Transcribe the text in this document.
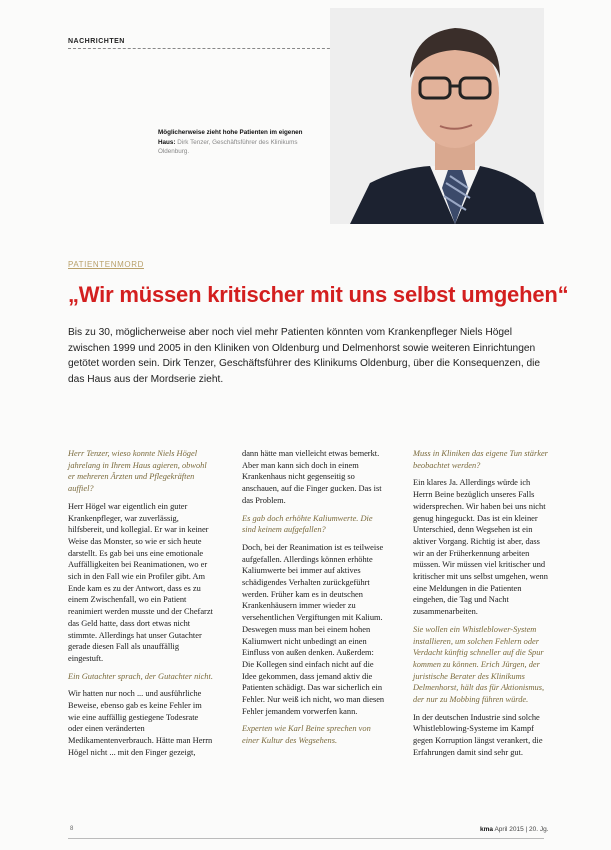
NACHRICHTEN
Möglicherweise zieht hohe Patienten im eigenen Haus: Dirk Tenzer, Geschäftsführer des Klinikums Oldenburg.
PATIENTENMORD
„Wir müssen kritischer mit uns selbst umgehen“
Bis zu 30, möglicherweise aber noch viel mehr Patienten könnten vom Krankenpfleger Niels Högel zwischen 1999 und 2005 in den Kliniken von Oldenburg und Delmenhorst sowie weiteren Einrichtungen getötet worden sein. Dirk Tenzer, Geschäftsführer des Klinikums Oldenburg, über die Konsequenzen, die das Haus aus der Mordserie zieht.

Herr Tenzer, wieso konnte Niels Högel jahrelang in Ihrem Haus agieren, obwohl er mehreren Ärzten und Pflegekräften auffiel?

Herr Högel war eigentlich ein guter Krankenpfleger, war zuverlässig, hilfsbereit, und kollegial. Er war in keiner Weise das Monster, so wie er sich heute darstellt. Es gab bei uns eine emotionale Auffälligkeiten bei Reanimationen, wo er sich in den Fall wie ein Profiler gibt. Am Ende kam es zu der Antwort, dass es zu einem Zwischenfall, wo ein Patient reanimiert werden musste und der Chefarzt das Geld hatte, dass dort etwas nicht stimmte. Allerdings hat unser Gutachter gerade diesen Fall als unauffällig eingestuft.

Ein Gutachter sprach, der Gutachter nicht.

Wir hatten nur noch ... und ausführliche Beweise, ebenso gab es keine Fehler im wie eine auffällig gestiegene Todesrate oder einen veränderten Medikamentenverbrauch. Hätte man Herrn Högel nicht ... mit den Finger gezeigt,

dann hätte man vielleicht etwas bemerkt. Aber man kann sich doch in einem Krankenhaus nicht gegenseitig so anschauen, auf die Finger gucken. Das ist das Problem.

Es gab doch erhöhte Kaliumwerte. Die sind keinem aufgefallen?

Doch, bei der Reanimation ist es teilweise aufgefallen. Allerdings können erhöhte Kaliumwerte bei immer auf aktives schädigendes Verhalten zurückgeführt werden. Früher kam es in deutschen Krankenhäusern immer wieder zu versehentlichen Vergiftungen mit Kalium. Deswegen muss man bei einem hohen Kaliumwert nicht unbedingt an einen Einfluss von außen denken. Außerdem: Die Kollegen sind einfach nicht auf die Idee gekommen, dass jemand aktiv die Patienten schädigt. Das war sicherlich ein Fehler. Nur weiß ich nicht, wo man diesen Fehler jemandem vorwerfen kann.

Experten wie Karl Beine sprechen von einer Kultur des Wegsehens.

Muss in Kliniken das eigene Tun stärker beobachtet werden?

Ein klares Ja. Allerdings würde ich Herrn Beine bezüglich unseres Falls widersprechen. Wir haben bei uns nicht genug hingeguckt. Das ist ein kleiner Unterschied, denn Wegsehen ist ein aktiver Vorgang. Richtig ist aber, dass wir an der Früherkennung arbeiten müssen. Wir müssen viel kritischer und kritischer mit uns selbst umgehen, wenn eine Meldungen in die Patienten eingehen, die Tag und Nacht zusammenarbeiten.

Sie wollen ein Whistleblower-System installieren, um solchen Fehlern oder Verdacht künftig schneller auf die Spur kommen zu können. Erich Jürgen, der juristische Berater des Klinikums Delmenhorst, hält das für Aktionismus, der nur zu Mobbing führen würde.

In der deutschen Industrie sind solche Whistleblowing-Systeme im Kampf gegen Korruption längst verankert, die Erfahrungen damit sind sehr gut.

8	kma April 2015 | 20. Jg.
